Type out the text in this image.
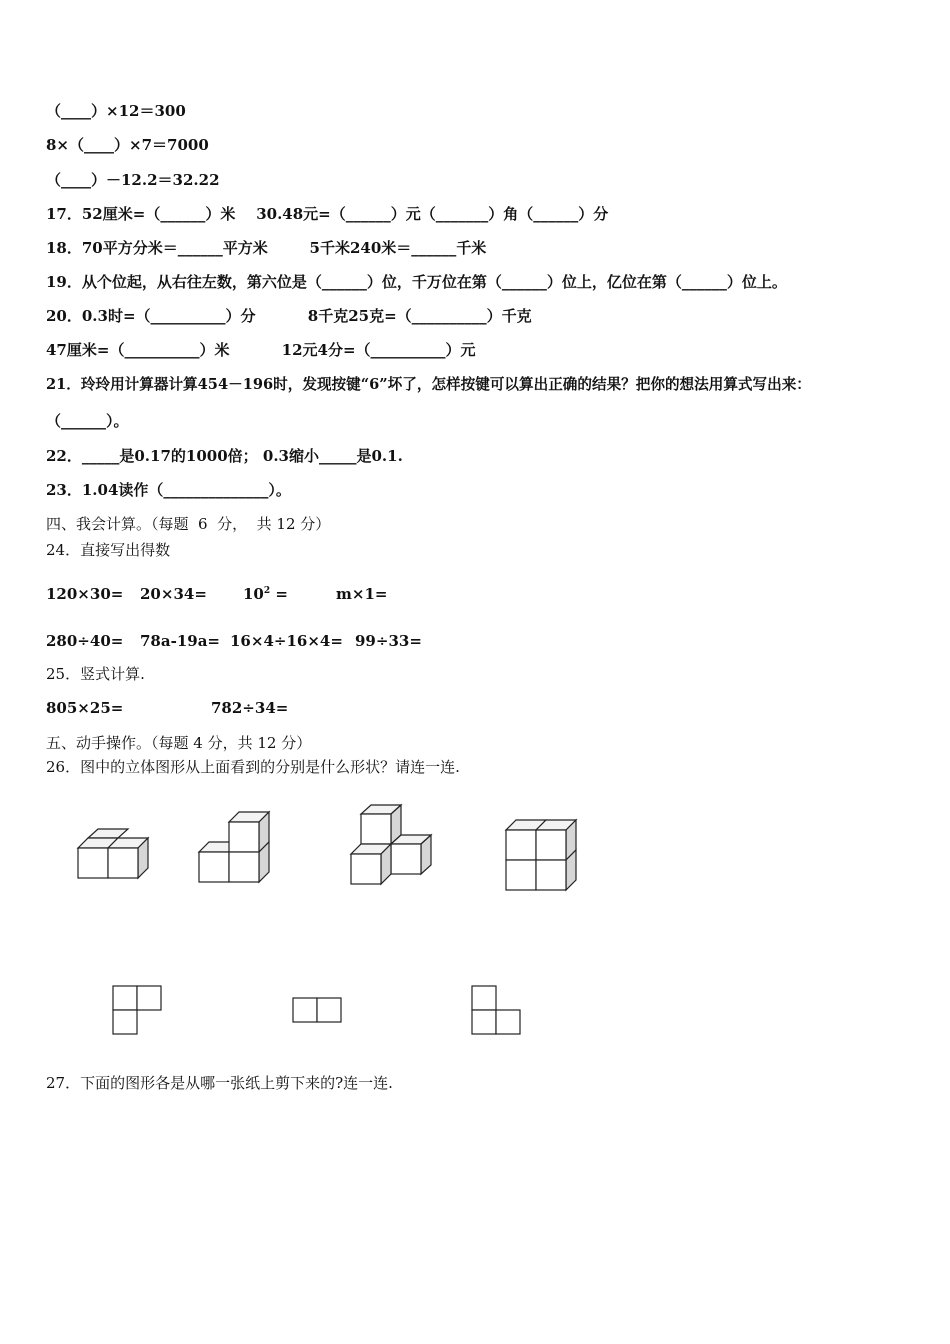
（____）×12＝300
8×（____）×7＝7000
（____）－12.2＝32.22
17．52厘米=（______）米    30.48元=（______）元（_______）角（______）分
18．70平方分米＝______平方米        5千米240米＝______千米
19．从个位起，从右往左数，第六位是（______）位，千万位在第（______）位上，亿位在第（______）位上。
20．0.3时=（__________）分          8千克25克=（__________）千克
47厘米=（__________）米          12元4分=（__________）元
21．玲玲用计算器计算454－196时，发现按键“6”坏了，怎样按键可以算出正确的结果？把你的想法用算式写出来：
（______）。
22．_____是0.17的1000倍； 0.3缩小_____是0.1.
23．1.04读作（______________）。
四、我会计算。（每题  6  分，  共 12 分）
24．直接写出得数
$120\times 30= 20\times 34= 10^2$ =	m×1=
280÷40= 78a-19a= 16×4÷16×4= 99÷33=
25．竖式计算.
805×25=	782÷34=
五、动手操作。（每题 4 分，共 12 分）
26．图中的立体图形从上面看到的分别是什么形状？请连一连.
27．下面的图形各是从哪一张纸上剪下来的?连一连.
